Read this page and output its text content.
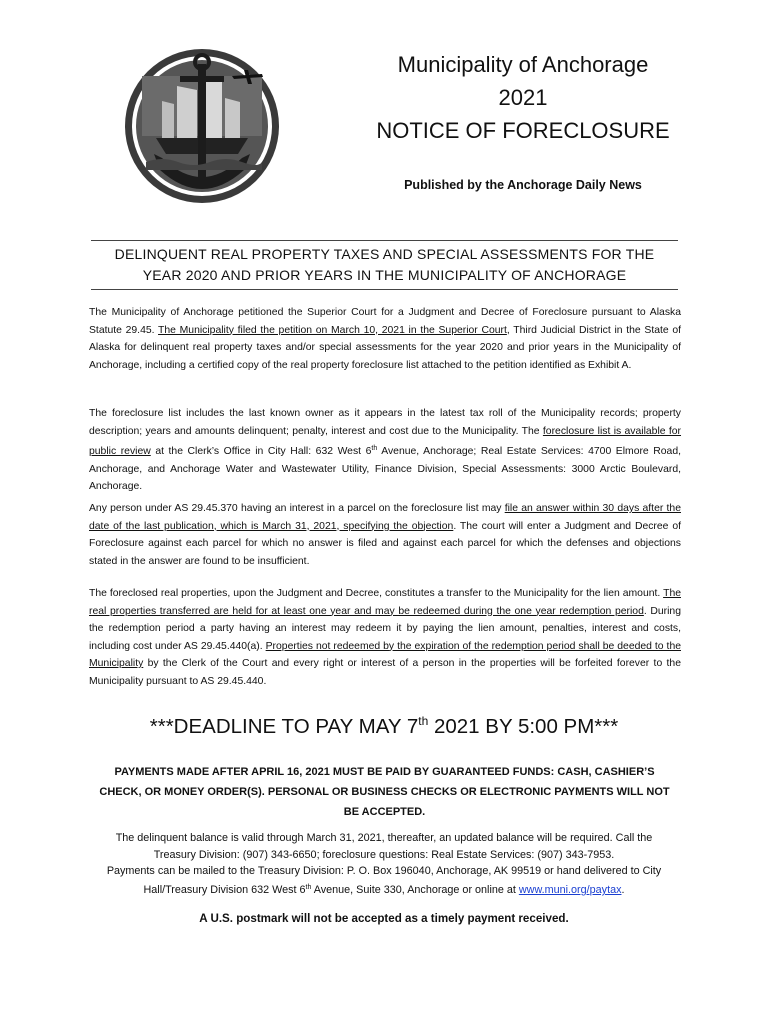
Municipality of Anchorage
2021
NOTICE OF FORECLOSURE
Published by the Anchorage Daily News
DELINQUENT REAL PROPERTY TAXES AND SPECIAL ASSESSMENTS FOR THE
YEAR 2020 AND PRIOR YEARS IN THE MUNICIPALITY OF ANCHORAGE
The Municipality of Anchorage petitioned the Superior Court for a Judgment and Decree of Foreclosure pursuant to Alaska Statute 29.45. The Municipality filed the petition on March 10, 2021 in the Superior Court, Third Judicial District in the State of Alaska for delinquent real property taxes and/or special assessments for the year 2020 and prior years in the Municipality of Anchorage, including a certified copy of the real property foreclosure list attached to the petition identified as Exhibit A.
The foreclosure list includes the last known owner as it appears in the latest tax roll of the Municipality records; property description; years and amounts delinquent; penalty, interest and cost due to the Municipality. The foreclosure list is available for public review at the Clerk’s Office in City Hall: 632 West 6th Avenue, Anchorage; Real Estate Services: 4700 Elmore Road, Anchorage, and Anchorage Water and Wastewater Utility, Finance Division, Special Assessments: 3000 Arctic Boulevard, Anchorage.
Any person under AS 29.45.370 having an interest in a parcel on the foreclosure list may file an answer within 30 days after the date of the last publication, which is March 31, 2021, specifying the objection. The court will enter a Judgment and Decree of Foreclosure against each parcel for which no answer is filed and against each parcel for which the defenses and objections stated in the answer are found to be insufficient.
The foreclosed real properties, upon the Judgment and Decree, constitutes a transfer to the Municipality for the lien amount. The real properties transferred are held for at least one year and may be redeemed during the one year redemption period. During the redemption period a party having an interest may redeem it by paying the lien amount, penalties, interest and costs, including cost under AS 29.45.440(a). Properties not redeemed by the expiration of the redemption period shall be deeded to the Municipality by the Clerk of the Court and every right or interest of a person in the properties will be forfeited forever to the Municipality pursuant to AS 29.45.440.
***DEADLINE TO PAY MAY 7th 2021 BY 5:00 PM***
PAYMENTS MADE AFTER APRIL 16, 2021 MUST BE PAID BY GUARANTEED FUNDS: CASH, CASHIER’S
CHECK, OR MONEY ORDER(S). PERSONAL OR BUSINESS CHECKS OR ELECTRONIC PAYMENTS WILL NOT
BE ACCEPTED.
The delinquent balance is valid through March 31, 2021, thereafter, an updated balance will be required. Call the
Treasury Division: (907) 343-6650; foreclosure questions: Real Estate Services: (907) 343-7953.
Payments can be mailed to the Treasury Division: P. O. Box 196040, Anchorage, AK 99519 or hand delivered to City
Hall/Treasury Division 632 West 6th Avenue, Suite 330, Anchorage or online at www.muni.org/paytax.
A U.S. postmark will not be accepted as a timely payment received.
